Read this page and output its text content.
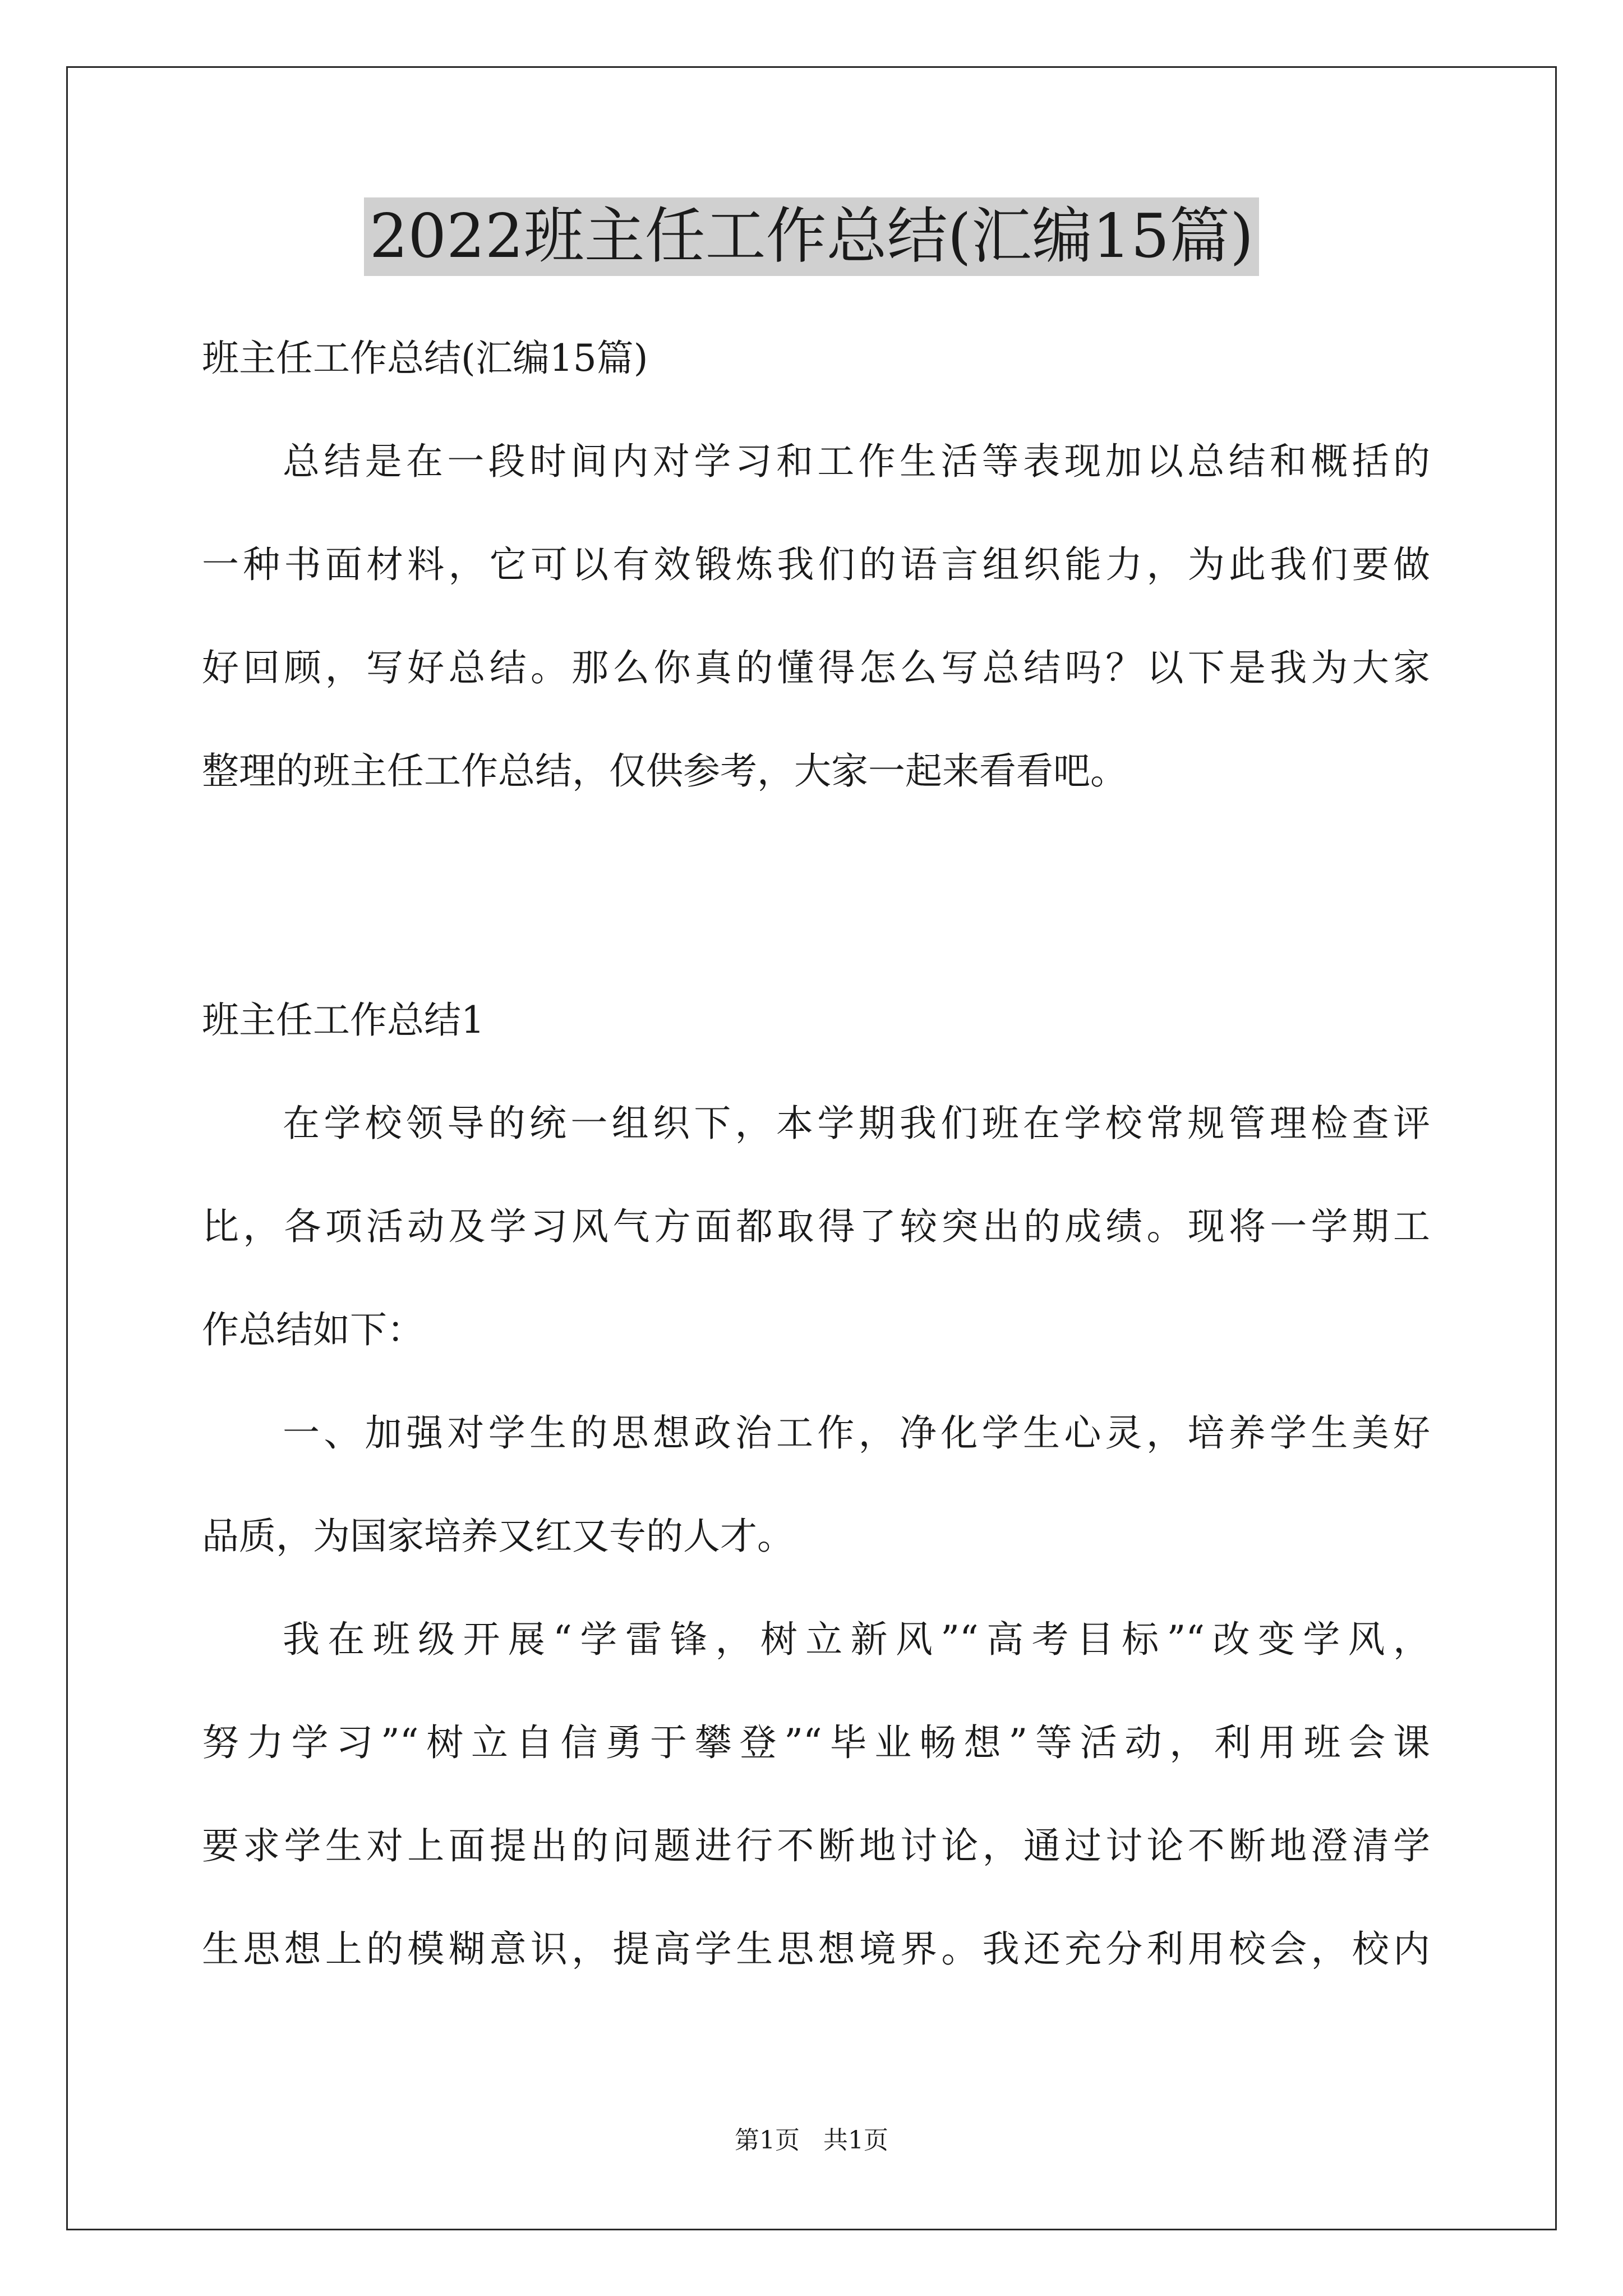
2022班主任工作总结(汇编15篇)
班主任工作总结(汇编15篇)
总结是在一段时间内对学习和工作生活等表现加以总结和概括的
一种书面材料，它可以有效锻炼我们的语言组织能力，为此我们要做
好回顾，写好总结。那么你真的懂得怎么写总结吗？以下是我为大家
整理的班主任工作总结，仅供参考，大家一起来看看吧。
班主任工作总结1
在学校领导的统一组织下，本学期我们班在学校常规管理检查评
比，各项活动及学习风气方面都取得了较突出的成绩。现将一学期工
作总结如下：
一、加强对学生的思想政治工作，净化学生心灵，培养学生美好
品质，为国家培养又红又专的人才。
我在班级开展“学雷锋，树立新风”“高考目标”“改变学风，
努力学习”“树立自信勇于攀登”“毕业畅想”等活动，利用班会课
要求学生对上面提出的问题进行不断地讨论，通过讨论不断地澄清学
生思想上的模糊意识，提高学生思想境界。我还充分利用校会，校内
第1页   共1页
